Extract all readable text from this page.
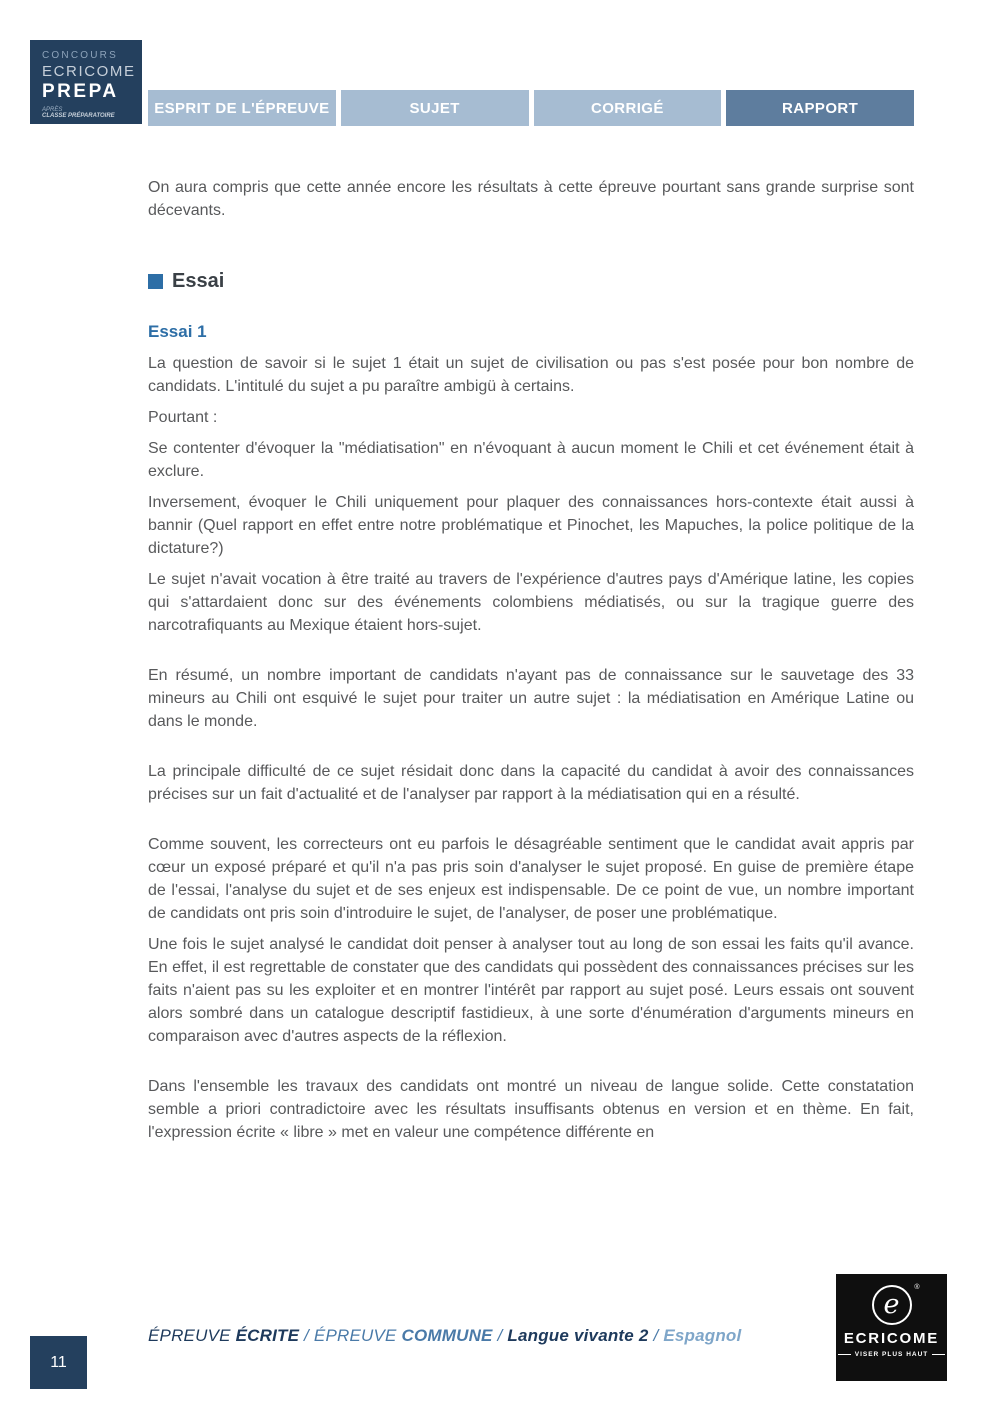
CONCOURS
ECRICOME
PREPA
APRÈS
CLASSE PRÉPARATOIRE	ESPRIT DE L'ÉPREUVE	SUJET	CORRIGÉ	RAPPORT

On aura compris que cette année encore les résultats à cette épreuve pourtant sans grande surprise sont décevants.

Essai
Essai 1

La question de savoir si le sujet 1 était un sujet de civilisation ou pas s'est posée pour bon nombre de candidats. L'intitulé du sujet a pu paraître ambigü à certains.

Pourtant :

Se contenter d'évoquer la "médiatisation" en n'évoquant à aucun moment le Chili et cet événement était à exclure.

Inversement, évoquer le Chili uniquement pour plaquer des connaissances hors-contexte était aussi à bannir (Quel rapport en effet entre notre problématique et Pinochet, les Mapuches, la police politique de la dictature?)

Le sujet n'avait vocation à être traité au travers de l'expérience d'autres pays d'Amérique latine, les copies qui s'attardaient donc sur des événements colombiens médiatisés, ou sur la tragique guerre des narcotrafiquants au Mexique étaient hors-sujet.

En résumé, un nombre important de candidats n'ayant pas de connaissance sur le sauvetage des 33 mineurs au Chili ont esquivé le sujet pour traiter un autre sujet : la médiatisation en Amérique Latine ou dans le monde.

La principale difficulté de ce sujet résidait donc dans la capacité du candidat à avoir des connaissances précises sur un fait d'actualité et de l'analyser par rapport à la médiatisation qui en a résulté.

Comme souvent, les correcteurs ont eu parfois le désagréable sentiment que le candidat avait appris par cœur un exposé préparé et qu'il n'a pas pris soin d'analyser le sujet proposé. En guise de première étape de l'essai, l'analyse du sujet et de ses enjeux est indispensable. De ce point de vue, un nombre important de candidats ont pris soin d'introduire le sujet, de l'analyser, de poser une problématique.

Une fois le sujet analysé le candidat doit penser à analyser tout au long de son essai les faits qu'il avance. En effet, il est regrettable de constater que des candidats qui possèdent des connaissances précises sur les faits n'aient pas su les exploiter et en montrer l'intérêt par rapport au sujet posé. Leurs essais ont souvent alors sombré dans un catalogue descriptif fastidieux, à une sorte d'énumération d'arguments mineurs en comparaison avec d'autres aspects de la réflexion.

Dans l'ensemble les travaux des candidats ont montré un niveau de langue solide. Cette constatation semble a priori contradictoire avec les résultats insuffisants obtenus en version et en thème. En fait, l'expression écrite « libre » met en valeur une compétence différente en

11
ÉPREUVE ÉCRITE / ÉPREUVE COMMUNE / Langue vivante 2 / Espagnol
e
®
ECRICOME
VISER PLUS HAUT
